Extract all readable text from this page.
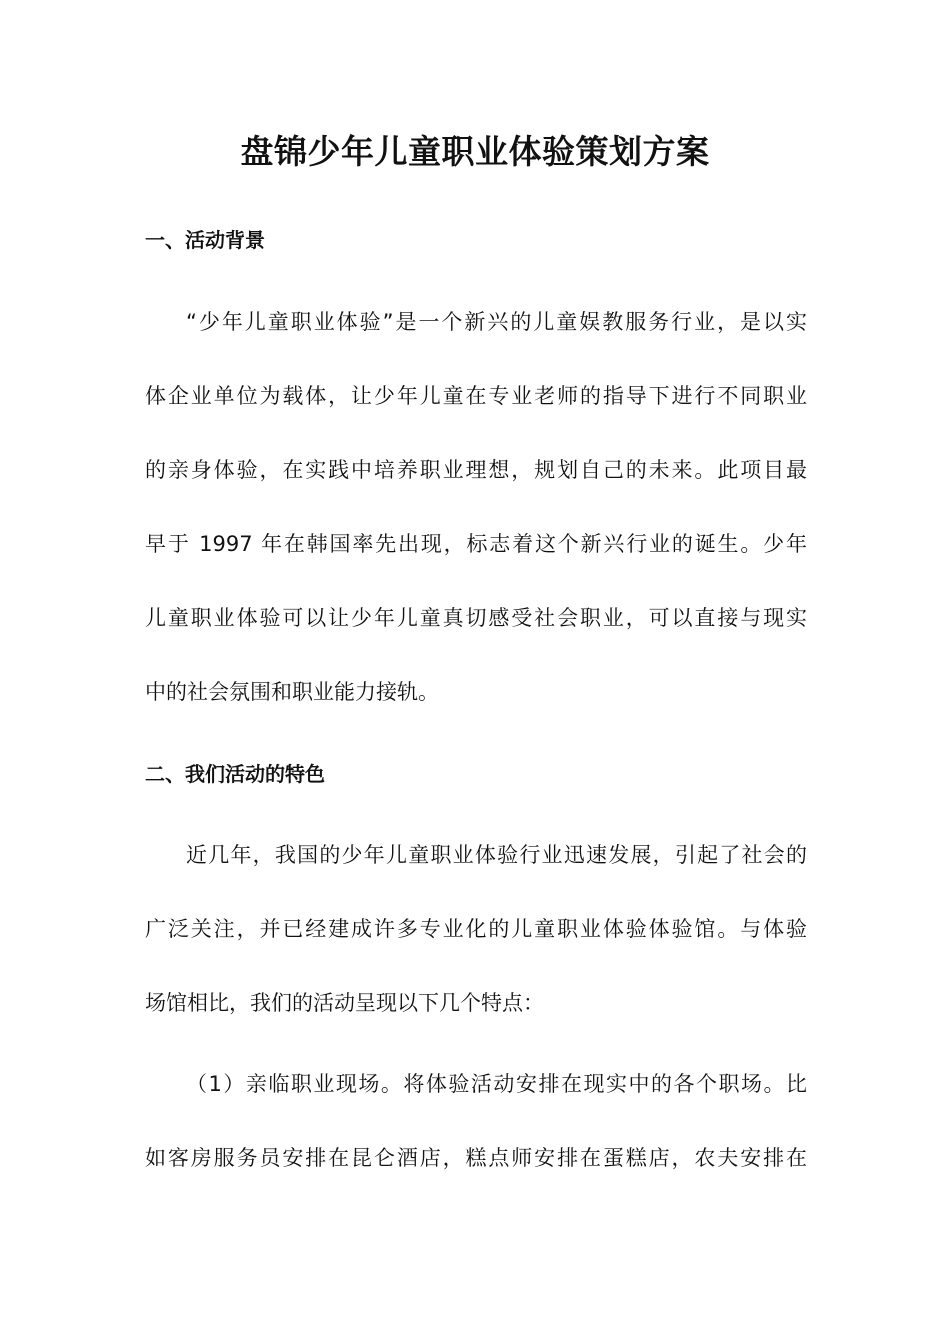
盘锦少年儿童职业体验策划方案
一、活动背景
“少年儿童职业体验”是一个新兴的儿童娱教服务行业，是以实
体企业单位为载体，让少年儿童在专业老师的指导下进行不同职业
的亲身体验，在实践中培养职业理想，规划自己的未来。此项目最
早于 1997 年在韩国率先出现，标志着这个新兴行业的诞生。少年
儿童职业体验可以让少年儿童真切感受社会职业，可以直接与现实
中的社会氛围和职业能力接轨。
二、我们活动的特色
近几年，我国的少年儿童职业体验行业迅速发展，引起了社会的
广泛关注，并已经建成许多专业化的儿童职业体验体验馆。与体验
场馆相比，我们的活动呈现以下几个特点：
（1）亲临职业现场。将体验活动安排在现实中的各个职场。比
如客房服务员安排在昆仑酒店，糕点师安排在蛋糕店，农夫安排在
